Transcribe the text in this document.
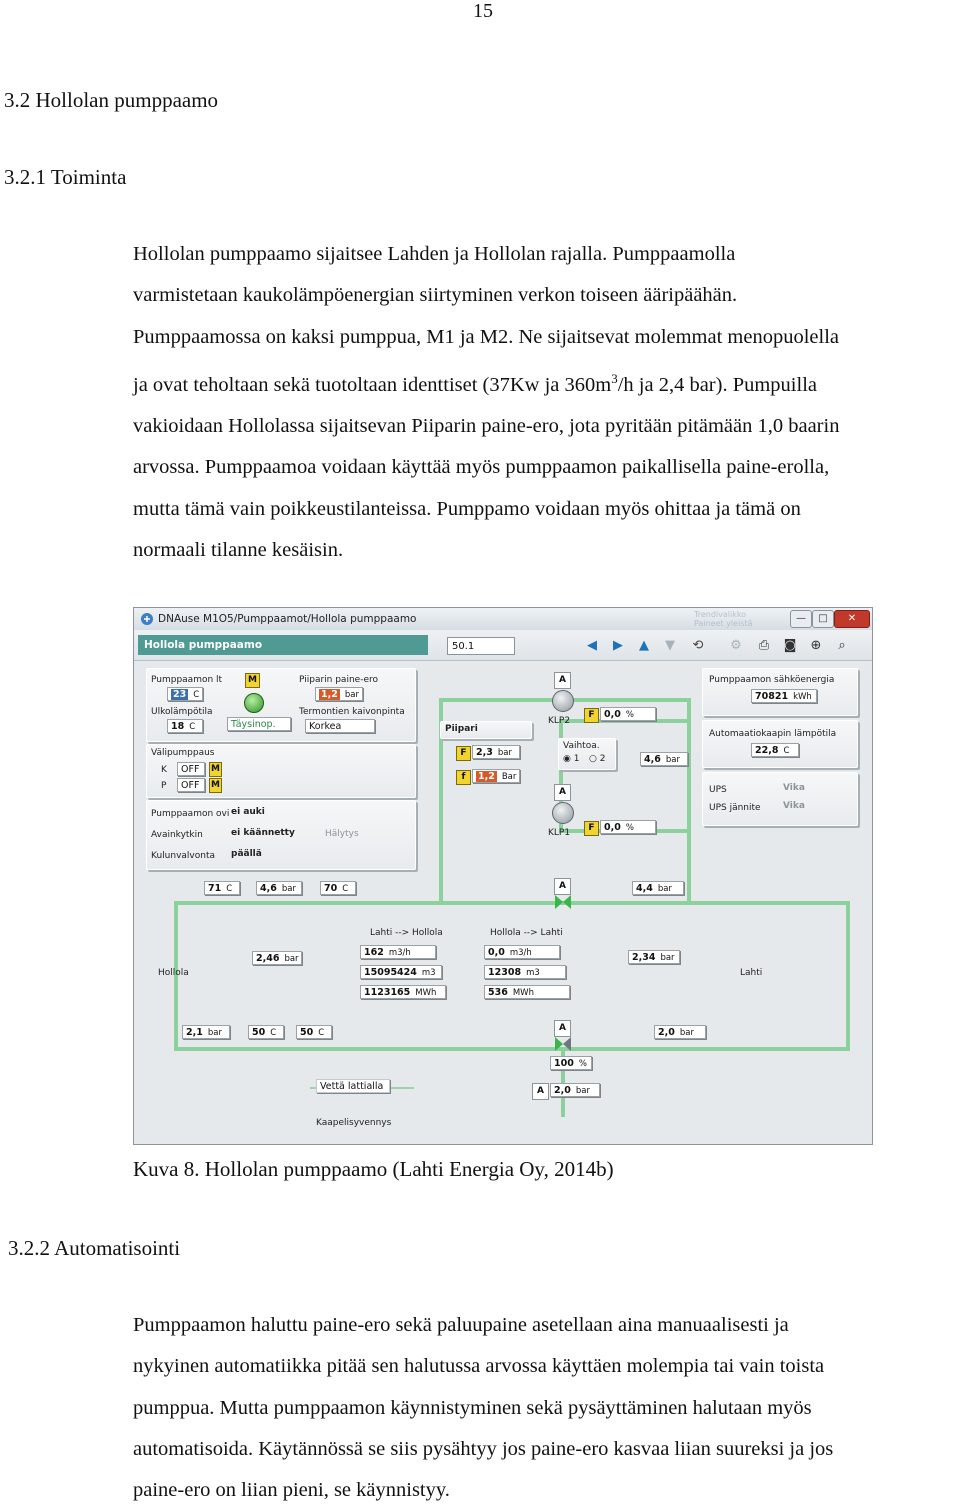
15
3.2 Hollolan pumppaamo
3.2.1 Toiminta
Hollolan pumppaamo sijaitsee Lahden ja Hollolan rajalla. Pumppaamolla
varmistetaan kaukolämpöenergian siirtyminen verkon toiseen ääripäähän.
Pumppaamossa on kaksi pumppua, M1 ja M2. Ne sijaitsevat molemmat menopuolella
ja ovat teholtaan sekä tuotoltaan identtiset (37Kw ja $360m^3/h$ ja 2,4 bar). Pumpuilla
vakioidaan Hollolassa sijaitsevan Piiparin paine-ero, jota pyritään pitämään 1,0 baarin
arvossa. Pumppaamoa voidaan käyttää myös pumppaamon paikallisella paine-erolla,
mutta tämä vain poikkeustilanteissa. Pumppamo voidaan myös ohittaa ja tämä on
normaali tilanne kesäisin.
DNAuse M1O5/Pumppaamot/Hollola pumppaamo	Trendivalikko
Paineet yleistä	—	□	✕
Hollola pumppaamo	50.1	◀ ▶ ▲ ▼ ⟲ ⚙ ⎙ ◙ ⊕	⌕
Pumppaamon lt
23 C
Ulkolämpötila
18 C
M
Täysinop.
Piiparin paine-ero
1,2 bar
Termontien kaivonpinta
Korkea
Välipumppaus
K	OFF	M
P	OFF	M
Pumppaamon ovi ei auki
Avainkytkin	ei käännetty	Hälytys
Kulunvalvonta päällä
Piipari
F 2,3 bar
f	1,2 Bar
A
KLP2
F 0,0 %
Vaihtoa.
◉ 1 ○ 2	4,6 bar
A
KLP1	F 0,0 %
Pumppaamon sähköenergia
70821 kWh
Automaatiokaapin lämpötila
22,8 C
UPS	Vika
UPS jännite Vika
71 C	4,6 bar	70 C	A	4,4 bar
Lahti --> Hollola
162 m3/h
15095424 m3
1123165 MWh
Hollola --> Lahti
0,0 m3/h
12308 m3
536 MWh
Hollola	Lahti
2,46 bar	2,34 bar
2,1 bar	50 C	50 C	2,0 bar
A
100 %
A	2,0 bar
Vettä lattialla
Kaapelisyvennys
Kuva 8. Hollolan pumppaamo (Lahti Energia Oy, 2014b)
3.2.2 Automatisointi
Pumppaamon haluttu paine-ero sekä paluupaine asetellaan aina manuaalisesti ja
nykyinen automatiikka pitää sen halutussa arvossa käyttäen molempia tai vain toista
pumppua. Mutta pumppaamon käynnistyminen sekä pysäyttäminen halutaan myös
automatisoida. Käytännössä se siis pysähtyy jos paine-ero kasvaa liian suureksi ja jos
paine-ero on liian pieni, se käynnistyy.
